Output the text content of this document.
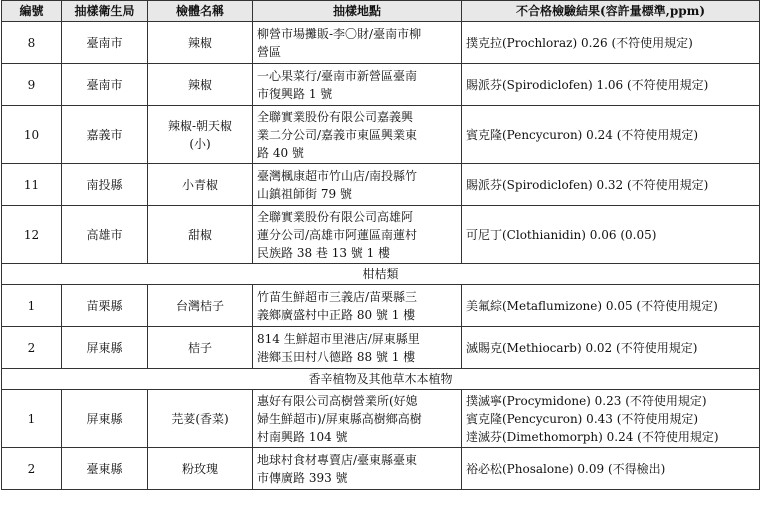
編號	抽樣衛生局	檢體名稱	抽樣地點	不合格檢驗結果(容許量標準,ppm)
8	臺南市	辣椒	柳營市場攤販-李〇財/臺南市柳
營區	撲克拉(Prochloraz) 0.26 (不符使用規定)

9	臺南市	辣椒	一心果菜行/臺南市新營區臺南
市復興路 1 號	賜派芬(Spirodiclofen) 1.06 (不符使用規定)

10	嘉義市	辣椒-朝天椒
(小)	全聯實業股份有限公司嘉義興
業二分公司/嘉義市東區興業東
路 40 號	賓克隆(Pencycuron) 0.24 (不符使用規定)

11	南投縣	小青椒	臺灣楓康超市竹山店/南投縣竹
山鎮祖師街 79 號	賜派芬(Spirodiclofen) 0.32 (不符使用規定)

12	高雄市	甜椒	全聯實業股份有限公司高雄阿
蓮分公司/高雄市阿蓮區南蓮村
民族路 38 巷 13 號 1 樓	可尼丁(Clothianidin) 0.06 (0.05)

柑桔類				
1	苗栗縣	台灣桔子	竹苗生鮮超市三義店/苗栗縣三
義鄉廣盛村中正路 80 號 1 樓	美氟綜(Metaflumizone) 0.05 (不符使用規定)

2	屏東縣	桔子	814 生鮮超市里港店/屏東縣里
港鄉玉田村八德路 88 號 1 樓	滅賜克(Methiocarb) 0.02 (不符使用規定)

香辛植物及其他草木本植物				
1	屏東縣	芫荽(香菜)	惠好有限公司高樹營業所(好媳
婦生鮮超市)/屏東縣高樹鄉高樹
村南興路 104 號	撲滅寧(Procymidone) 0.23 (不符使用規定)
賓克隆(Pencycuron) 0.43 (不符使用規定)
達滅芬(Dimethomorph) 0.24 (不符使用規定)

2	臺東縣	粉玫瑰	地球村食材專賣店/臺東縣臺東
市傳廣路 393 號	裕必松(Phosalone) 0.09 (不得檢出)
